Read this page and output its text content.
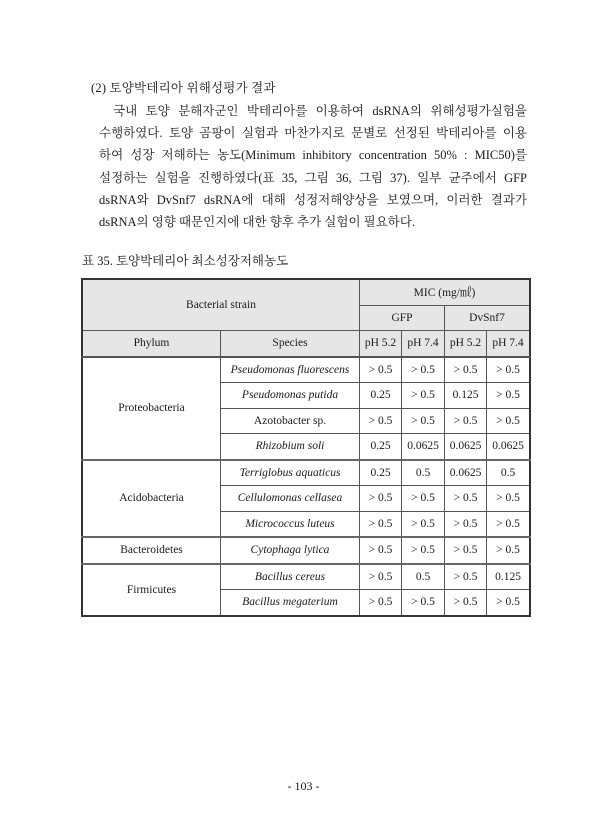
(2) 토양박테리아 위해성평가 결과
국내 토양 분해자군인 박테리아를 이용하여 dsRNA의 위해성평가실험을
수행하였다. 토양 곰팡이 실험과 마찬가지로 문별로 선정된 박테리아를 이용
하여 성장 저해하는 농도(Minimum inhibitory concentration 50% : MIC50)를
설정하는 실험을 진행하였다(표 35, 그림 36, 그림 37). 일부 균주에서 GFP
dsRNA와 DvSnf7 dsRNA에 대해 성정저해양상을 보였으며, 이러한 결과가
dsRNA의 영향 때문인지에 대한 향후 추가 실험이 필요하다.
표 35. 토양박테리아 최소성장저해농도
Bacterial strain		MIC (mg/㎖)			
		GFP		DvSnf7	
Phylum	Species	pH 5.2	pH 7.4	pH 5.2	pH 7.4
Proteobacteria	Pseudomonas fluorescens	> 0.5	> 0.5	> 0.5	> 0.5
	Pseudomonas putida	0.25	> 0.5	0.125	> 0.5
	Azotobacter sp.	> 0.5	> 0.5	> 0.5	> 0.5
	Rhizobium soli	0.25	0.0625	0.0625	0.0625
Acidobacteria	Terriglobus aquaticus	0.25	0.5	0.0625	0.5
	Cellulomonas cellasea	> 0.5	> 0.5	> 0.5	> 0.5
	Micrococcus luteus	> 0.5	> 0.5	> 0.5	> 0.5
Bacteroidetes	Cytophaga lytica	> 0.5	> 0.5	> 0.5	> 0.5
Firmicutes	Bacillus cereus	> 0.5	0.5	> 0.5	0.125
	Bacillus megaterium	> 0.5	> 0.5	> 0.5	> 0.5
- 103 -
